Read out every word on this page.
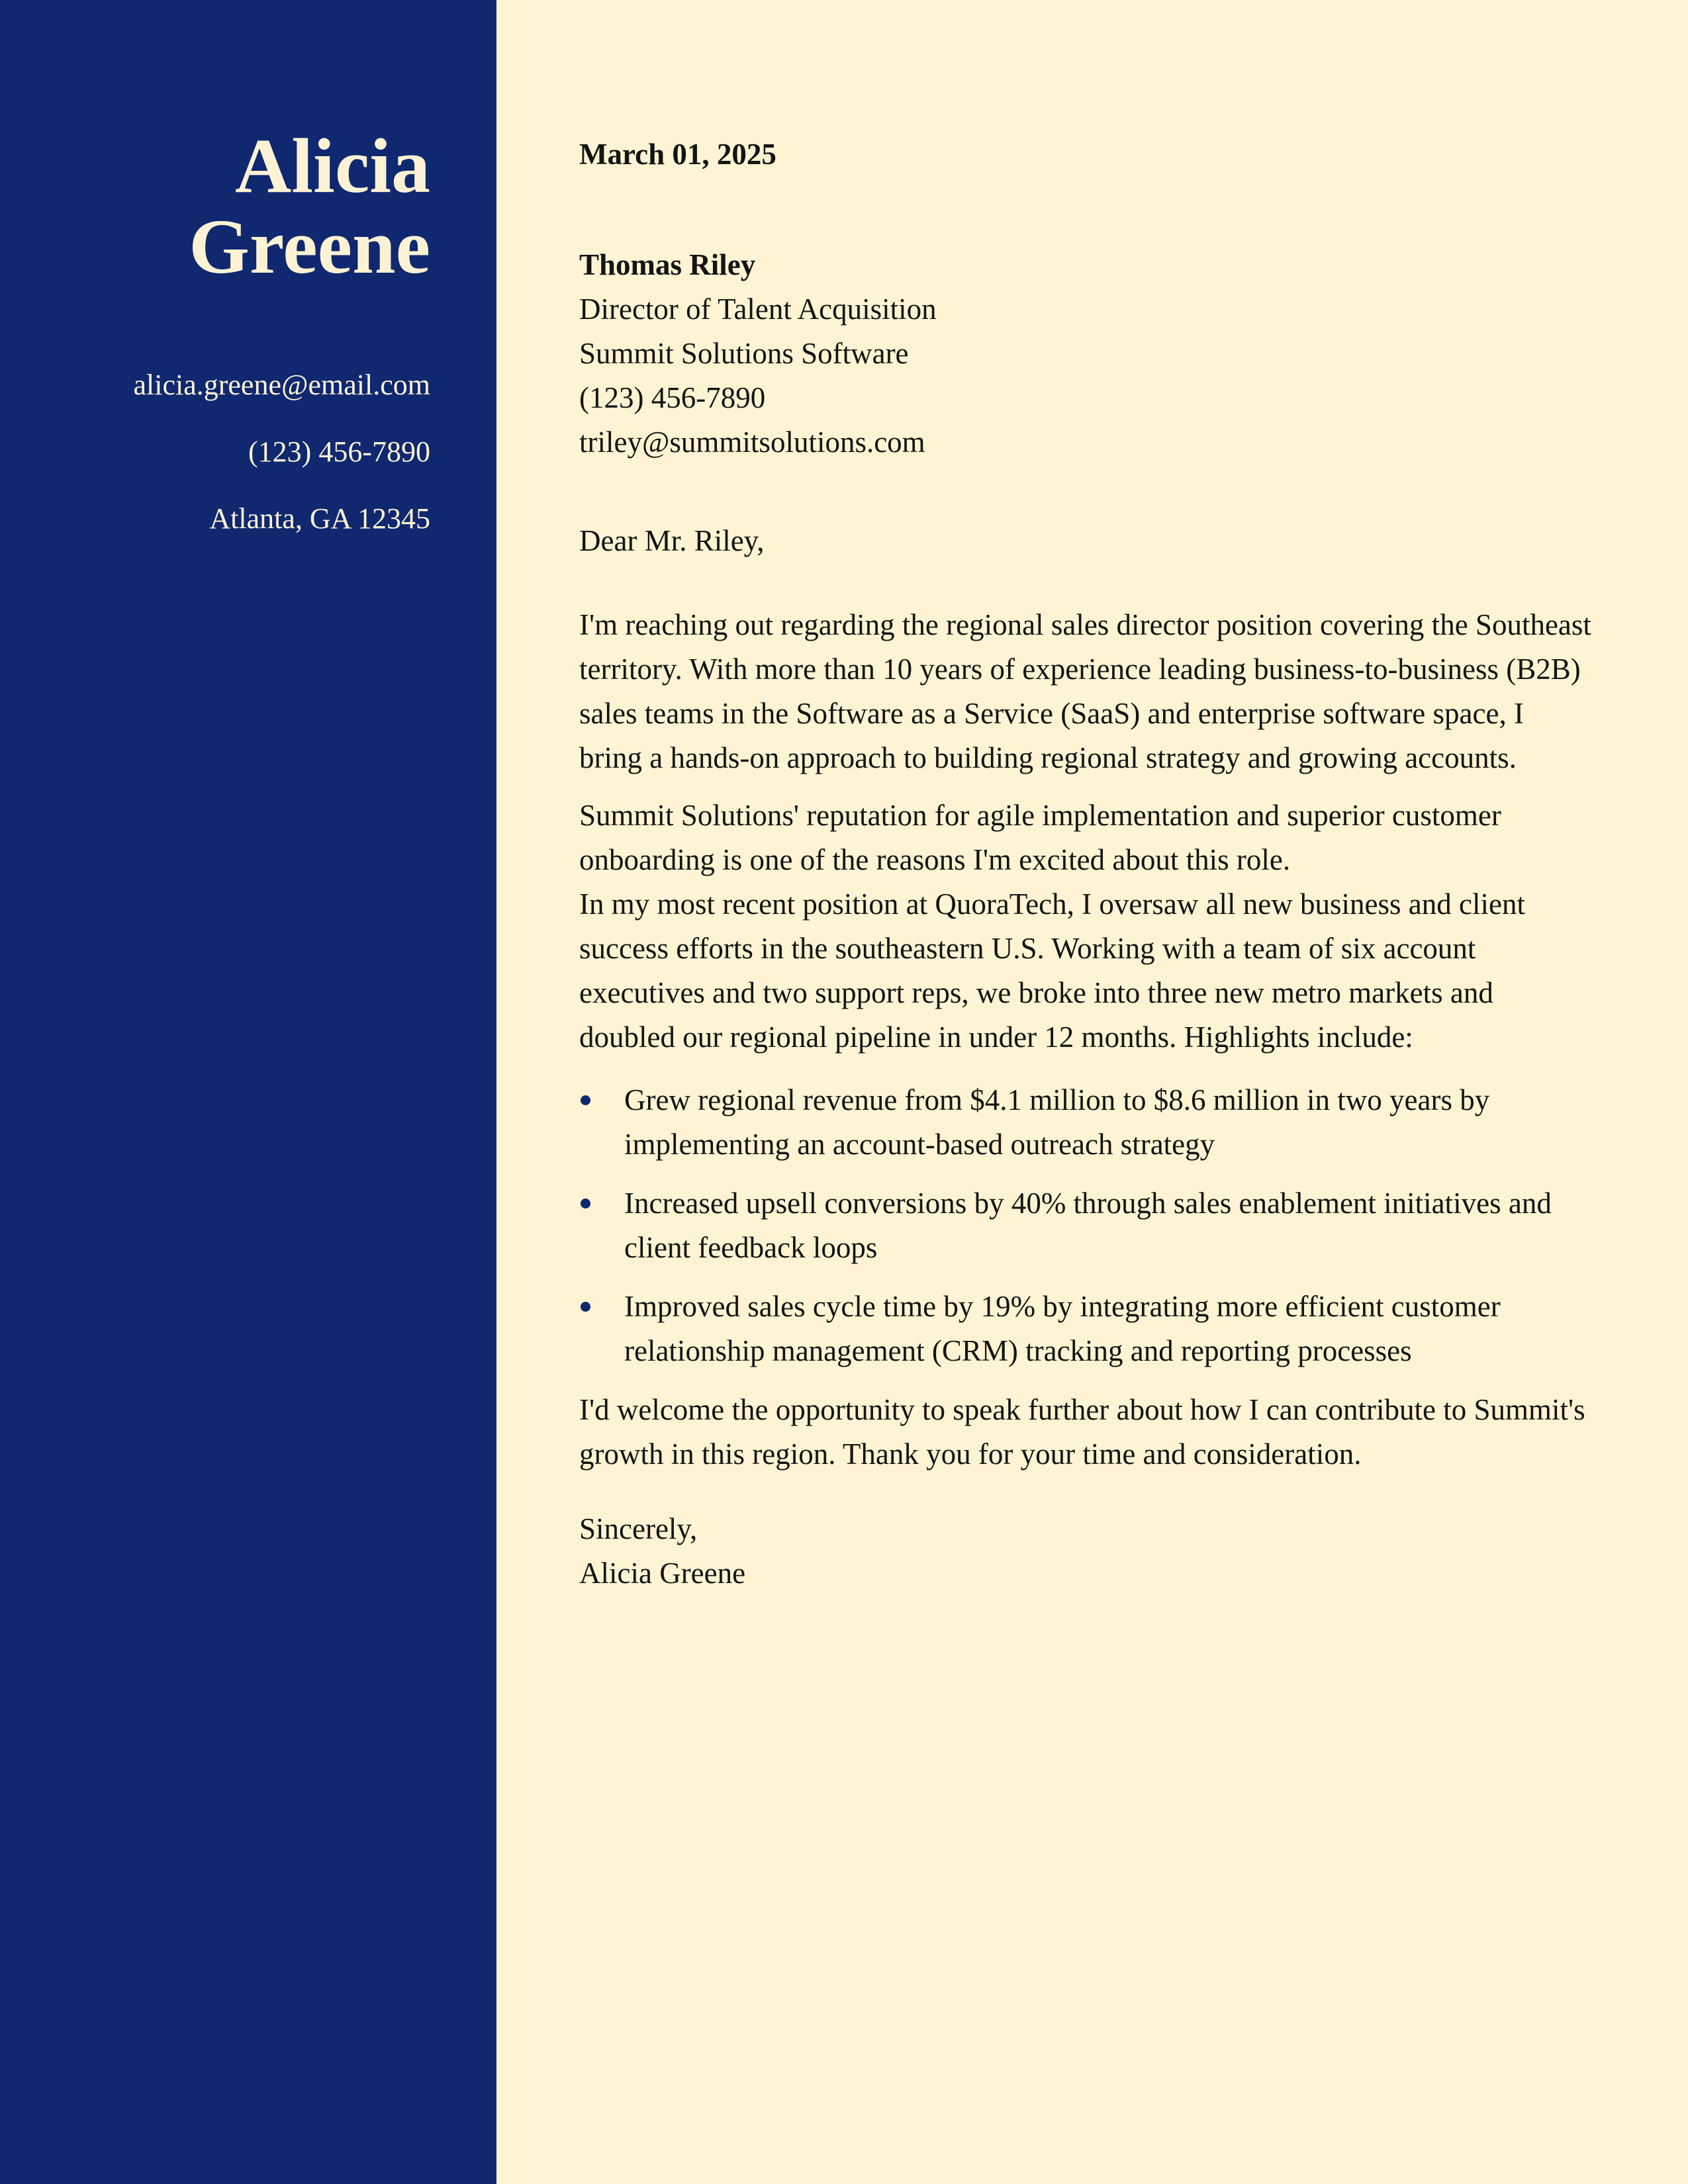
Alicia
Greene
alicia.greene@email.com
(123) 456-7890
Atlanta, GA 12345
March 01, 2025
Thomas Riley
Director of Talent Acquisition
Summit Solutions Software
(123) 456-7890
triley@summitsolutions.com
Dear Mr. Riley,

I'm reaching out regarding the regional sales director position covering the Southeast territory. With more than 10 years of experience leading business-to-business (B2B) sales teams in the Software as a Service (SaaS) and enterprise software space, I bring a hands-on approach to building regional strategy and growing accounts.

Summit Solutions' reputation for agile implementation and superior customer onboarding is one of the reasons I'm excited about this role.

In my most recent position at QuoraTech, I oversaw all new business and client success efforts in the southeastern U.S. Working with a team of six account executives and two support reps, we broke into three new metro markets and doubled our regional pipeline in under 12 months. Highlights include:

Grew regional revenue from $4.1 million to $8.6 million in two years by implementing an account-based outreach strategy
Increased upsell conversions by 40% through sales enablement initiatives and client feedback loops
Improved sales cycle time by 19% by integrating more efficient customer relationship management (CRM) tracking and reporting processes

I'd welcome the opportunity to speak further about how I can contribute to Summit's growth in this region. Thank you for your time and consideration.

Sincerely,
Alicia Greene
